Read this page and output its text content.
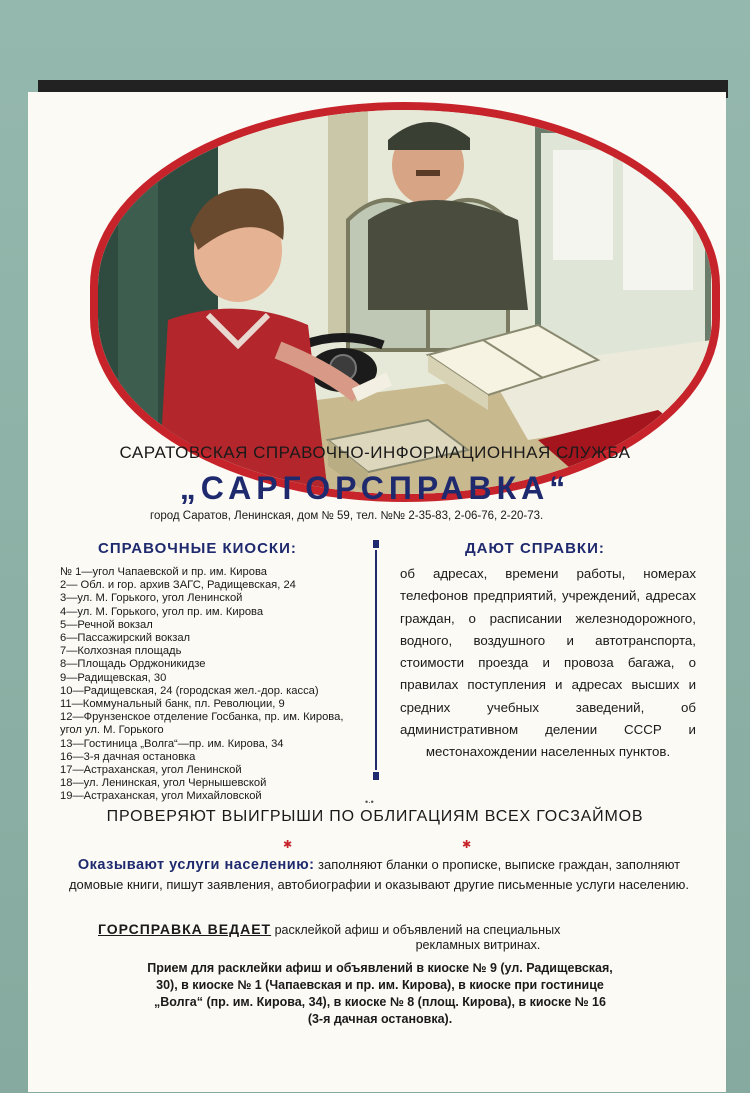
САРАТОВСКАЯ СПРАВОЧНО-ИНФОРМАЦИОННАЯ СЛУЖБА
„САРГОРСПРАВКА“
город Саратов, Ленинская, дом № 59, тел. №№ 2-35-83, 2-06-76, 2-20-73.
СПРАВОЧНЫЕ КИОСКИ:
№ 1—угол Чапаевской и пр. им. Кирова
2— Обл. и гор. архив ЗАГС, Радищевская, 24
3—ул. М. Горького, угол Ленинской
4—ул. М. Горького, угол пр. им. Кирова
5—Речной вокзал
6—Пассажирский вокзал
7—Колхозная площадь
8—Площадь Орджоникидзе
9—Радищевская, 30
10—Радищевская, 24 (городская жел.-дор. касса)
11—Коммунальный банк, пл. Революции, 9
12—Фрунзенское отделение Госбанка, пр. им. Кирова, угол ул. М. Горького
13—Гостиница „Волга“—пр. им. Кирова, 34
16—3-я дачная остановка
17—Астраханская, угол Ленинской
18—ул. Ленинская, угол Чернышевской
19—Астраханская, угол Михайловской
ДАЮТ СПРАВКИ:
об адресах, времени работы, номерах телефонов предприятий, учреждений, адресах граждан, о расписании железнодорожного, водного, воздушного и автотранспорта, стоимости проезда и провоза багажа, о правилах поступления и адресах высших и средних учебных заведений, об административном делении СССР и местонахождении населенных пунктов.
•∙•
ПРОВЕРЯЮТ ВЫИГРЫШИ ПО ОБЛИГАЦИЯМ ВСЕХ ГОСЗАЙМОВ
✱	✱
Оказывают услуги населению: заполняют бланки о прописке, выписке граждан, заполняют домовые книги, пишут заявления, автобиографии и оказывают другие письменные услуги населению.
ГОРСПРАВКА ВЕДАЕТ расклейкой афиш и объявлений на специальных
рекламных витринах.
Прием для расклейки афиш и объявлений в киоске № 9 (ул. Радищевская, 30), в киоске № 1 (Чапаевская и пр. им. Кирова), в киоске при гостинице „Волга“ (пр. им. Кирова, 34), в киоске № 8 (площ. Кирова), в киоске № 16 (3-я дачная остановка).
